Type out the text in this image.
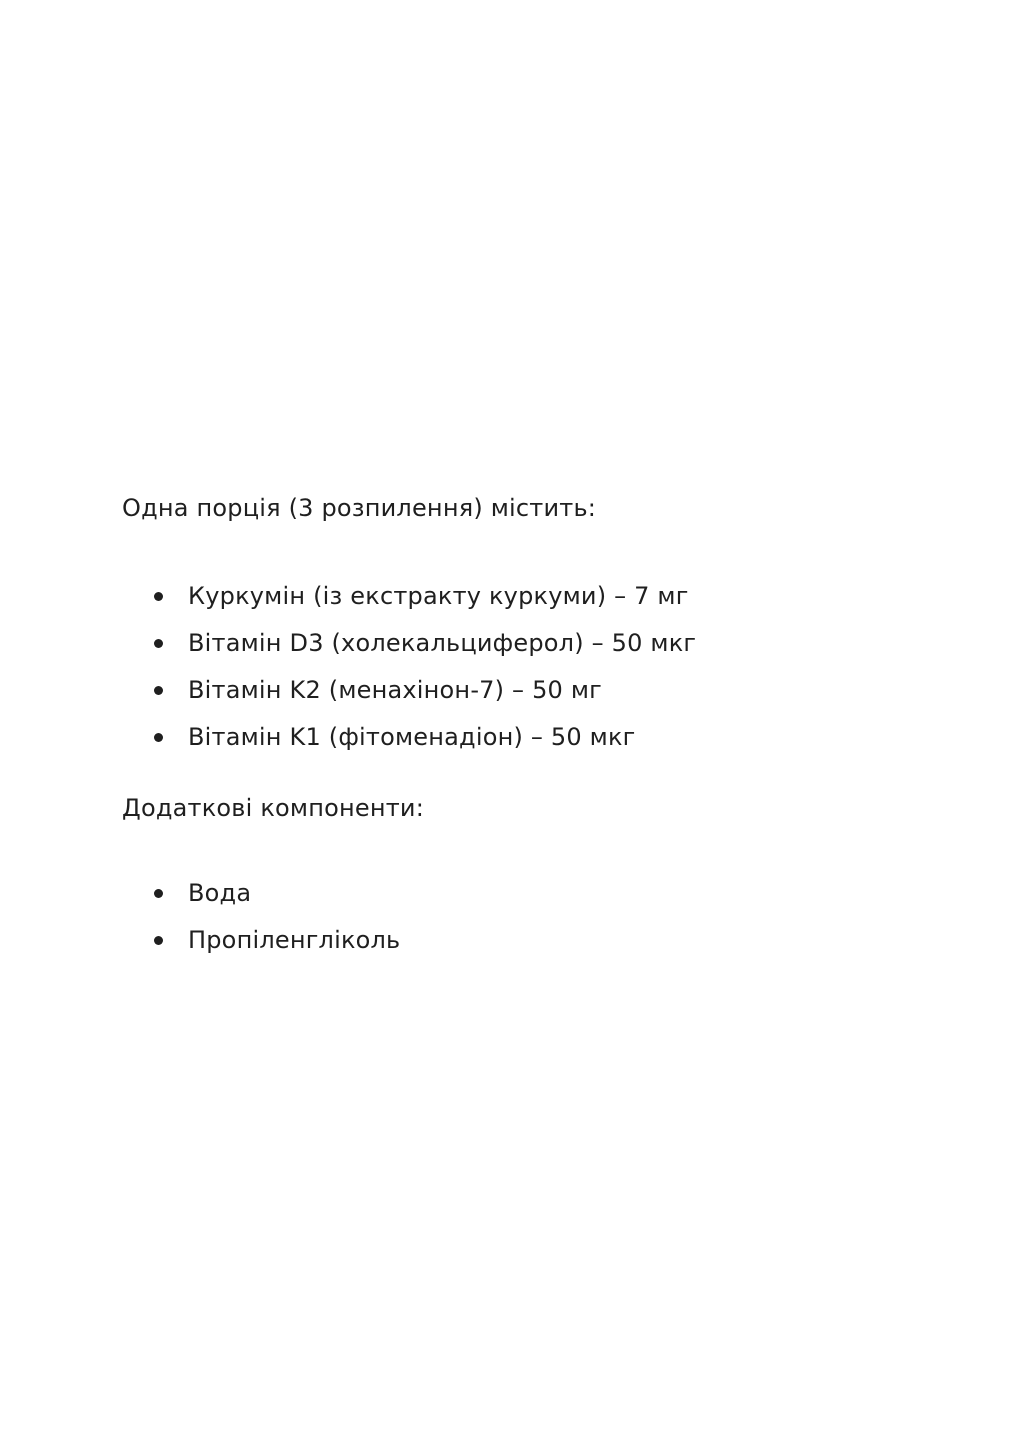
Одна порція (3 розпилення) містить:

Куркумін (із екстракту куркуми) – 7 мг
Вітамін D3 (холекальциферол) – 50 мкг
Вітамін K2 (менахінон-7) – 50 мг
Вітамін K1 (фітоменадіон) – 50 мкг

Додаткові компоненти:

Вода
Пропіленгліколь
